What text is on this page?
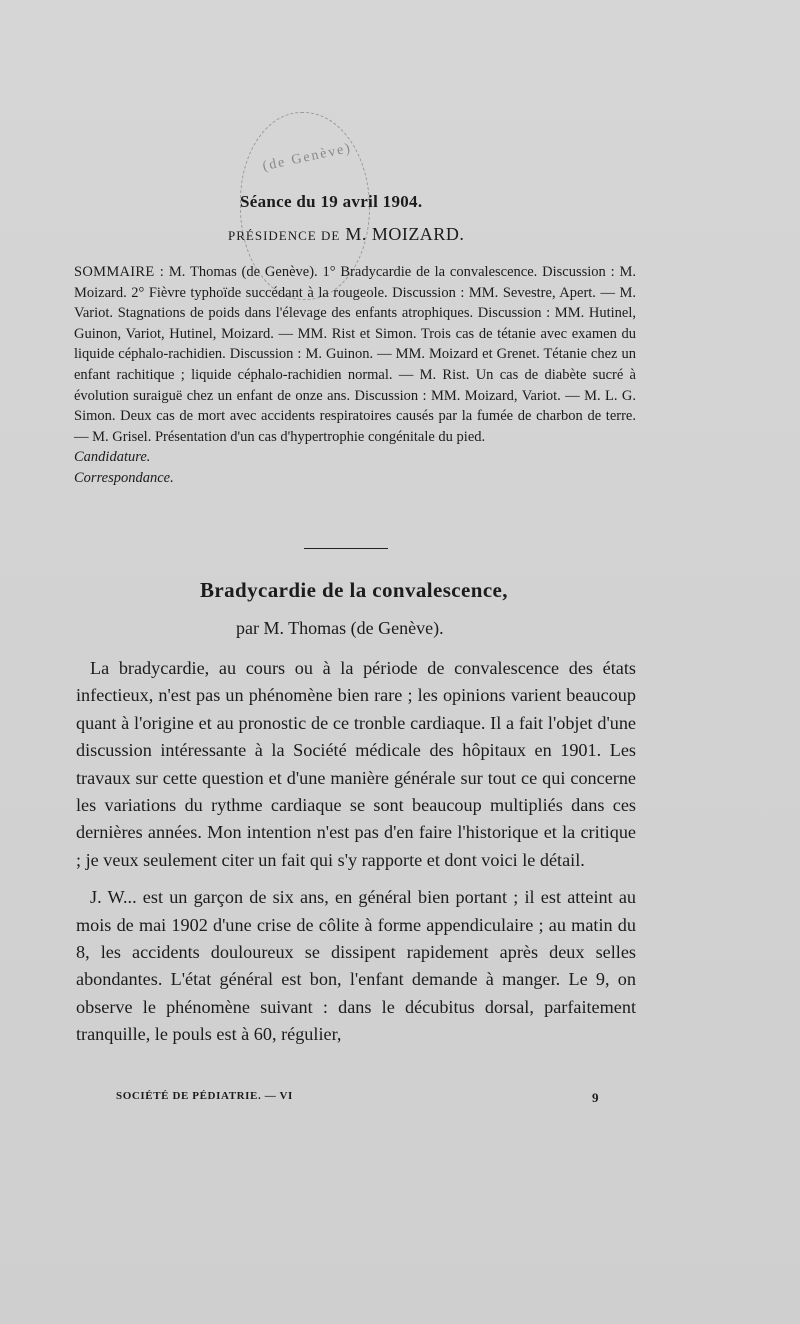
(de Genève)
Séance du 19 avril 1904.
PRÉSIDENCE DE M. MOIZARD.
SOMMAIRE : M. Thomas (de Genève). 1° Bradycardie de la convalescence. Discussion : M. Moizard. 2° Fièvre typhoïde succédant à la rougeole. Discussion : MM. Sevestre, Apert. — M. Variot. Stagnations de poids dans l'élevage des enfants atrophiques. Discussion : MM. Hutinel, Guinon, Variot, Hutinel, Moizard. — MM. Rist et Simon. Trois cas de tétanie avec examen du liquide céphalo-rachidien. Discussion : M. Guinon. — MM. Moizard et Grenet. Tétanie chez un enfant rachitique ; liquide céphalo-rachidien normal. — M. Rist. Un cas de diabète sucré à évolution suraiguë chez un enfant de onze ans. Discussion : MM. Moizard, Variot. — M. L. G. Simon. Deux cas de mort avec accidents respiratoires causés par la fumée de charbon de terre. — M. Grisel. Présentation d'un cas d'hypertrophie congénitale du pied.
Candidature.
Correspondance.
Bradycardie de la convalescence,
par M. Thomas (de Genève).

La bradycardie, au cours ou à la période de convalescence des états infectieux, n'est pas un phénomène bien rare ; les opinions varient beaucoup quant à l'origine et au pronostic de ce tronble cardiaque. Il a fait l'objet d'une discussion intéressante à la Société médicale des hôpitaux en 1901. Les travaux sur cette question et d'une manière générale sur tout ce qui concerne les variations du rythme cardiaque se sont beaucoup multipliés dans ces dernières années. Mon intention n'est pas d'en faire l'historique et la critique ; je veux seulement citer un fait qui s'y rapporte et dont voici le détail.

J. W... est un garçon de six ans, en général bien portant ; il est atteint au mois de mai 1902 d'une crise de côlite à forme appendiculaire ; au matin du 8, les accidents douloureux se dissipent rapidement après deux selles abondantes. L'état général est bon, l'enfant demande à manger. Le 9, on observe le phénomène suivant : dans le décubitus dorsal, parfaitement tranquille, le pouls est à 60, régulier,

SOCIÉTÉ DE PÉDIATRIE. — VI	9
